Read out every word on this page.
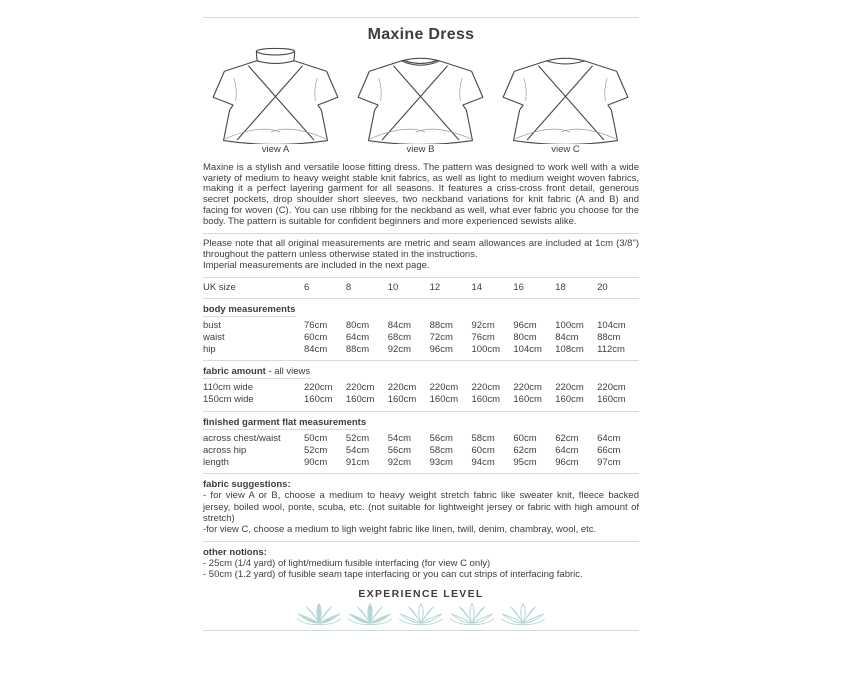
Maxine Dress
view A	view B	view C
Maxine is a stylish and versatile loose fitting dress. The pattern was designed to work well with a wide variety of medium to heavy weight stable knit fabrics, as well as light to medium weight woven fabrics, making it a perfect layering garment for all seasons. It features a criss-cross front detail, generous secret pockets, drop shoulder short sleeves, two neckband variations for knit fabric (A and B) and facing for woven (C). You can use ribbing for the neckband as well, what ever fabric you choose for the body. The pattern is suitable for confident beginners and more experienced sewists alike.
Please note that all original measurements are metric and seam allowances are included at 1cm (3/8") throughout the pattern unless otherwise stated in the instructions.
Imperial measurements are included in the next page.
UK size	6	8	10	12	14	16	18	20
body measurements
bust	76cm	80cm	84cm	88cm	92cm	96cm	100cm	104cm
waist	60cm	64cm	68cm	72cm	76cm	80cm	84cm	88cm
hip	84cm	88cm	92cm	96cm	100cm	104cm	108cm	112cm
fabric amount - all views
110cm wide	220cm	220cm	220cm	220cm	220cm	220cm	220cm	220cm
150cm wide	160cm	160cm	160cm	160cm	160cm	160cm	160cm	160cm
finished garment flat measurements
across chest/waist	50cm	52cm	54cm	56cm	58cm	60cm	62cm	64cm
across hip	52cm	54cm	56cm	58cm	60cm	62cm	64cm	66cm
length	90cm	91cm	92cm	93cm	94cm	95cm	96cm	97cm
fabric suggestions:
- for view A or B, choose a medium to heavy weight stretch fabric like sweater knit, fleece backed jersey, boiled wool, ponte, scuba, etc. (not suitable for lightweight jersey or fabric with high amount of stretch)
-for view C, choose a medium to ligh weight fabric like linen, twill, denim, chambray, wool, etc.
other notions:
- 25cm (1/4 yard) of light/medium fusible interfacing (for view C only)
- 50cm (1.2 yard) of fusible seam tape interfacing or you can cut strips of interfacing fabric.
EXPERIENCE LEVEL
